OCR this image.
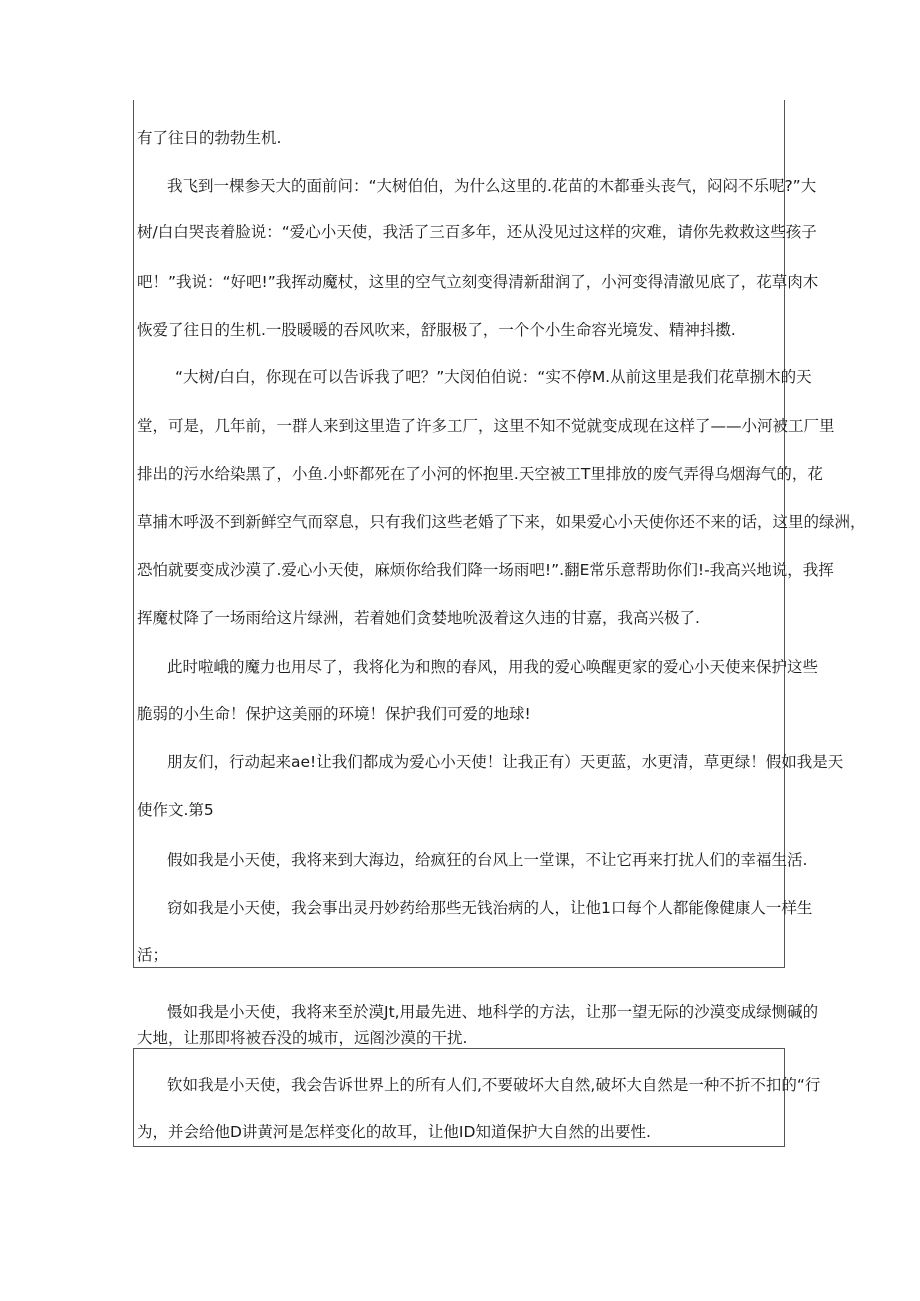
有了往日的勃勃生机.
我飞到一棵参天大的面前问：“大树伯伯，为什么这里的.花苗的木都垂头丧气，闷闷不乐呢?”大
树/白白哭丧着脸说：“爱心小天使，我活了三百多年，还从没见过这样的灾难，请你先救救这些孩子
吧！”我说：“好吧!”我挥动魔杖，这里的空气立刻变得清新甜润了，小河变得清澈见底了，花草肉木
恢爱了往日的生机.一股暖暖的吞风吹来，舒服极了，一个个小生命容光境发、精神抖擞.
“大树/白白，你现在可以告诉我了吧？”大闵伯伯说：“实不停M.从前这里是我们花草捌木的天
堂，可是，几年前，一群人来到这里造了许多工厂，这里不知不觉就变成现在这样了——小河被工厂里
排出的污水给染黑了，小鱼.小虾都死在了小河的怀抱里.天空被工T里排放的废气弄得乌烟海气的，花
草捕木呼汲不到新鲜空气而窣息，只有我们这些老婚了下来，如果爱心小天使你还不来的话，这里的绿洲，
恐怕就要变成沙漠了.爱心小天使，麻烦你给我们降一场雨吧!”.翻E常乐意帮助你们!-我高兴地说，我挥
挥魔杖降了一场雨给这片绿洲，若着她们贪婪地吮汲着这久违的甘嘉，我高兴极了.
此时啦峨的魔力也用尽了，我将化为和煦的春风，用我的爱心唤醒更家的爱心小天使来保护这些
脆弱的小生命！保护这美丽的环境！保护我们可爱的地球!
朋友们，行动起来ae!让我们都成为爱心小天使！让我正有）天更蓝，水更清，草更绿！假如我是天
使作文.第5
假如我是小天使，我将来到大海边，给疯狂的台风上一堂课，不让它再来打扰人们的幸福生活.
窃如我是小天使，我会事出灵丹妙药给那些无钱治病的人，让他1口每个人都能像健康人一样生
活；
慑如我是小天使，我将来至於漠Jt,用最先进、地科学的方法，让那一望无际的沙漠变成绿恻碱的
大地，让那即将被吞没的城市，远阁沙漠的干扰.
钦如我是小天使，我会告诉世界上的所有人们,不要破坏大自然,破坏大自然是一种不折不扣的“行
为，并会给他D讲黄河是怎样变化的故耳，让他ID知道保护大自然的出要性.
